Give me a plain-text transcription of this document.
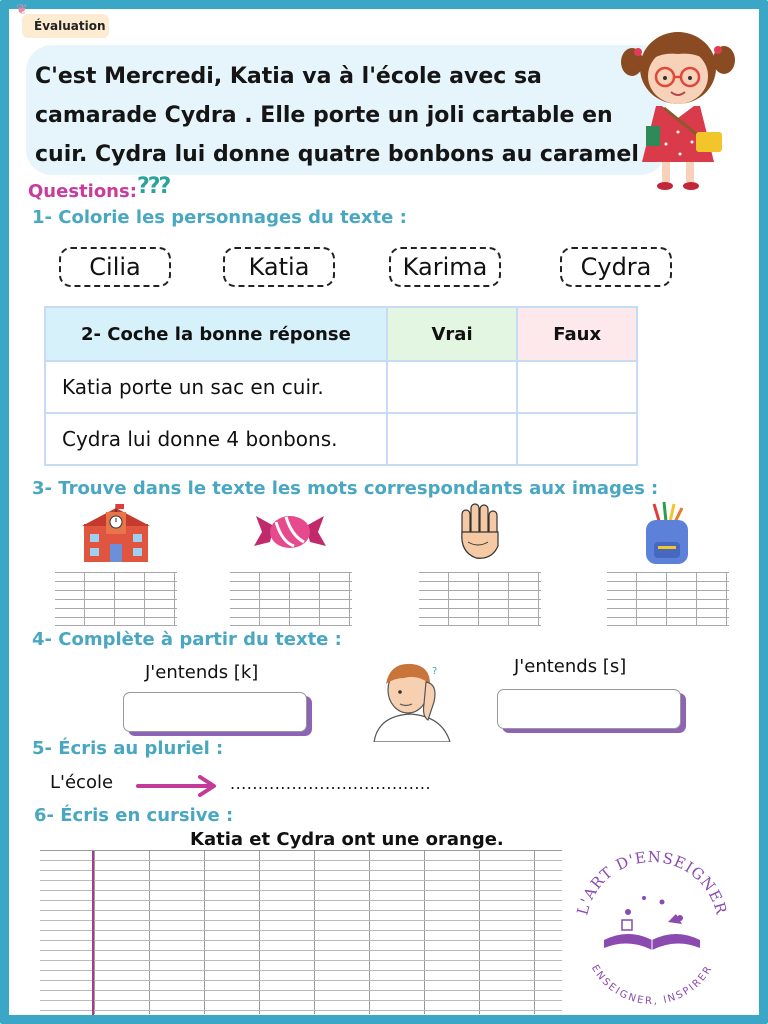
❦
Évaluation

C'est Mercredi, Katia va à l'école avec sa

camarade Cydra . Elle porte un joli cartable en

cuir. Cydra lui donne quatre bonbons au caramel

Questions: ???
1- Colorie les personnages du texte :
Cilia	Katia	Karima	Cydra
2- Coche la bonne réponse	Vrai	Faux
Katia porte un sac en cuir.		
Cydra lui donne 4 bonbons.		
3- Trouve dans le texte les mots correspondants aux images :
4- Complète à partir du texte :
J'entends [k]	J'entends [s]
?
5- Écris au pluriel :
L'école	....................................
6- Écris en cursive :
Katia et Cydra ont une orange.
L'ART D'ENSEIGNER
ENSEIGNER, INSPIRER
